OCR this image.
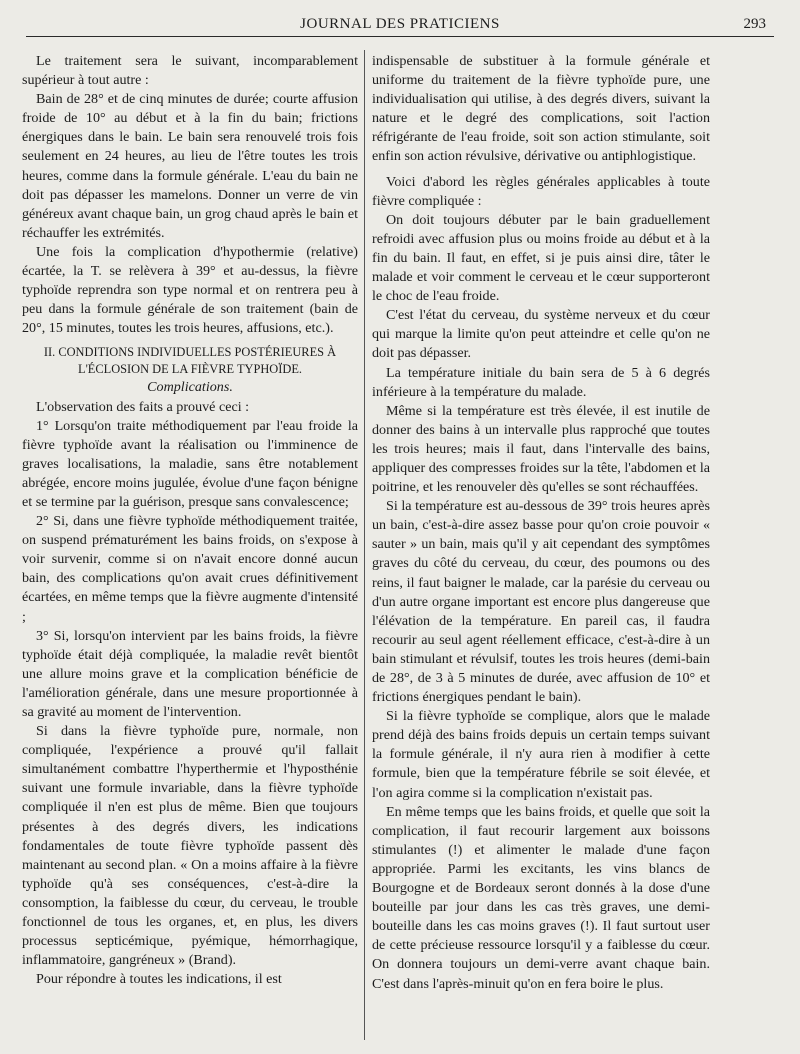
JOURNAL DES PRATICIENS	293

Le traitement sera le suivant, incomparablement supérieur à tout autre :

Bain de 28° et de cinq minutes de durée; courte affusion froide de 10° au début et à la fin du bain; frictions énergiques dans le bain. Le bain sera renouvelé trois fois seulement en 24 heures, au lieu de l'être toutes les trois heures, comme dans la formule générale. L'eau du bain ne doit pas dépasser les mamelons. Donner un verre de vin généreux avant chaque bain, un grog chaud après le bain et réchauffer les extrémités.

Une fois la complication d'hypothermie (relative) écartée, la T. se relèvera à 39° et au-dessus, la fièvre typhoïde reprendra son type normal et on rentrera peu à peu dans la formule générale de son traitement (bain de 20°, 15 minutes, toutes les trois heures, affusions, etc.).

II. CONDITIONS INDIVIDUELLES POSTÉRIEURES À L'ÉCLOSION DE LA FIÈVRE TYPHOÏDE.

Complications.

L'observation des faits a prouvé ceci :

1° Lorsqu'on traite méthodiquement par l'eau froide la fièvre typhoïde avant la réalisation ou l'imminence de graves localisations, la maladie, sans être notablement abrégée, encore moins jugulée, évolue d'une façon bénigne et se termine par la guérison, presque sans convalescence;

2° Si, dans une fièvre typhoïde méthodiquement traitée, on suspend prématurément les bains froids, on s'expose à voir survenir, comme si on n'avait encore donné aucun bain, des complications qu'on avait crues définitivement écartées, en même temps que la fièvre augmente d'intensité ;

3° Si, lorsqu'on intervient par les bains froids, la fièvre typhoïde était déjà compliquée, la maladie revêt bientôt une allure moins grave et la complication bénéficie de l'amélioration générale, dans une mesure proportionnée à sa gravité au moment de l'intervention.

Si dans la fièvre typhoïde pure, normale, non compliquée, l'expérience a prouvé qu'il fallait simultanément combattre l'hyperthermie et l'hyposthénie suivant une formule invariable, dans la fièvre typhoïde compliquée il n'en est plus de même. Bien que toujours présentes à des degrés divers, les indications fondamentales de toute fièvre typhoïde passent dès maintenant au second plan. « On a moins affaire à la fièvre typhoïde qu'à ses conséquences, c'est-à-dire la consomption, la faiblesse du cœur, du cerveau, le trouble fonctionnel de tous les organes, et, en plus, les divers processus septicémique, pyémique, hémorrhagique, inflammatoire, gangréneux » (Brand).

Pour répondre à toutes les indications, il est

indispensable de substituer à la formule générale et uniforme du traitement de la fièvre typhoïde pure, une individualisation qui utilise, à des degrés divers, suivant la nature et le degré des complications, soit l'action réfrigérante de l'eau froide, soit son action stimulante, soit enfin son action révulsive, dérivative ou antiphlogistique.

Voici d'abord les règles générales applicables à toute fièvre compliquée :

On doit toujours débuter par le bain graduellement refroidi avec affusion plus ou moins froide au début et à la fin du bain. Il faut, en effet, si je puis ainsi dire, tâter le malade et voir comment le cerveau et le cœur supporteront le choc de l'eau froide.

C'est l'état du cerveau, du système nerveux et du cœur qui marque la limite qu'on peut atteindre et celle qu'on ne doit pas dépasser.

La température initiale du bain sera de 5 à 6 degrés inférieure à la température du malade.

Même si la température est très élevée, il est inutile de donner des bains à un intervalle plus rapproché que toutes les trois heures; mais il faut, dans l'intervalle des bains, appliquer des compresses froides sur la tête, l'abdomen et la poitrine, et les renouveler dès qu'elles se sont réchauffées.

Si la température est au-dessous de 39° trois heures après un bain, c'est-à-dire assez basse pour qu'on croie pouvoir « sauter » un bain, mais qu'il y ait cependant des symptômes graves du côté du cerveau, du cœur, des poumons ou des reins, il faut baigner le malade, car la parésie du cerveau ou d'un autre organe important est encore plus dangereuse que l'élévation de la température. En pareil cas, il faudra recourir au seul agent réellement efficace, c'est-à-dire à un bain stimulant et révulsif, toutes les trois heures (demi-bain de 28°, de 3 à 5 minutes de durée, avec affusion de 10° et frictions énergiques pendant le bain).

Si la fièvre typhoïde se complique, alors que le malade prend déjà des bains froids depuis un certain temps suivant la formule générale, il n'y aura rien à modifier à cette formule, bien que la température fébrile se soit élevée, et l'on agira comme si la complication n'existait pas.

En même temps que les bains froids, et quelle que soit la complication, il faut recourir largement aux boissons stimulantes (!) et alimenter le malade d'une façon appropriée. Parmi les excitants, les vins blancs de Bourgogne et de Bordeaux seront donnés à la dose d'une bouteille par jour dans les cas très graves, une demi-bouteille dans les cas moins graves (!). Il faut surtout user de cette précieuse ressource lorsqu'il y a faiblesse du cœur. On donnera toujours un demi-verre avant chaque bain. C'est dans l'après-minuit qu'on en fera boire le plus.
